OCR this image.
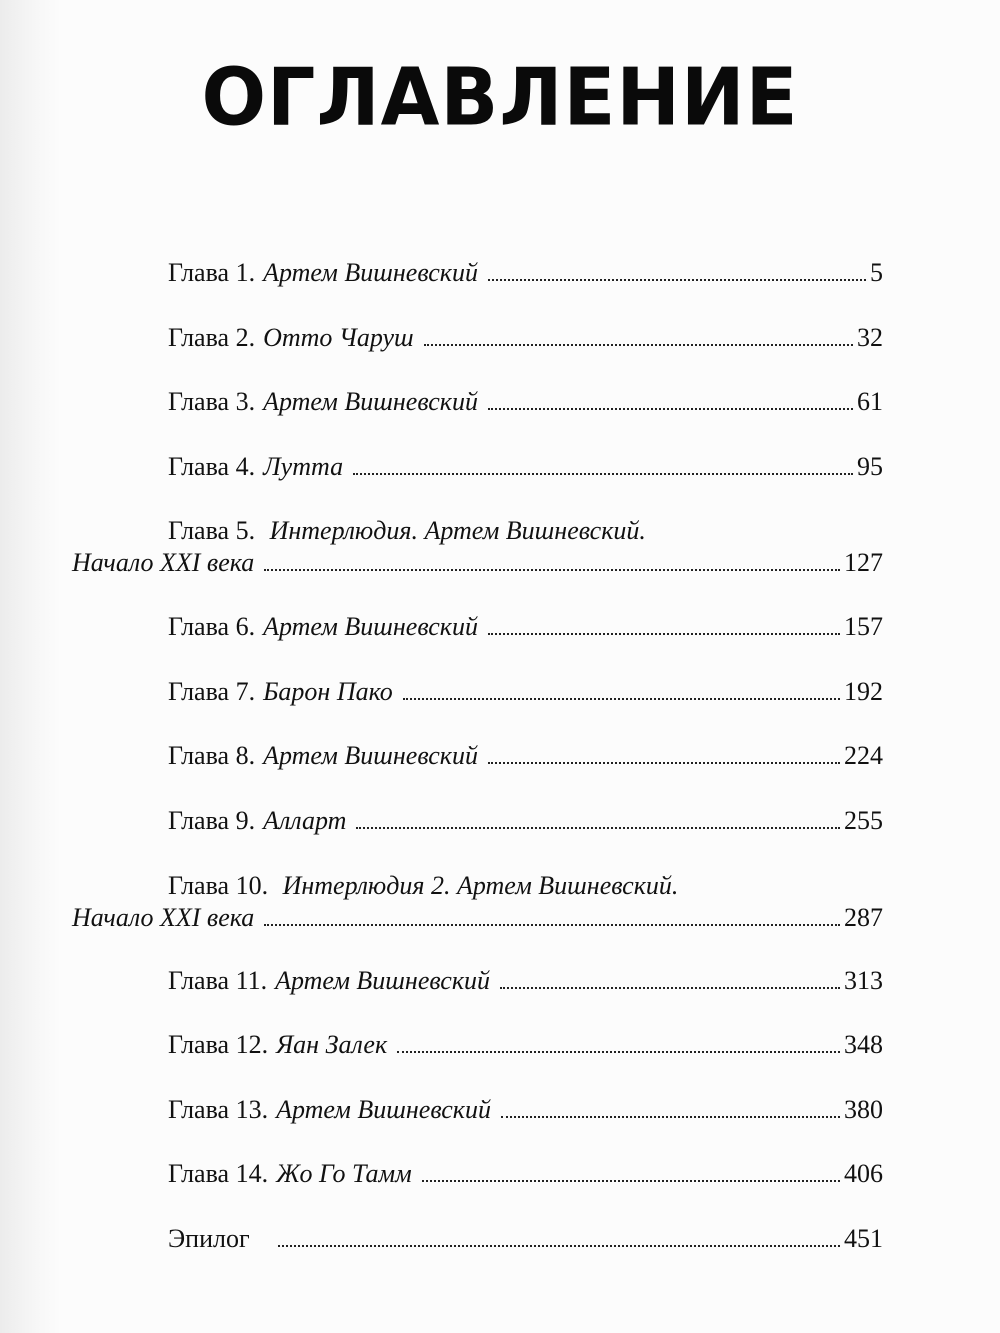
ОГЛАВЛЕНИЕ
Глава 1. Артем Вишневский	5
Глава 2. Отто Чаруш	32
Глава 3. Артем Вишневский	61
Глава 4. Лутта	95
Глава 5. Интерлюдия. Артем Вишневский.
Начало XXI века	127
Глава 6. Артем Вишневский	157
Глава 7. Барон Пако	192
Глава 8. Артем Вишневский	224
Глава 9. Алларт	255
Глава 10. Интерлюдия 2. Артем Вишневский.
Начало XXI века	287
Глава 11. Артем Вишневский	313
Глава 12. Яан Залек	348
Глава 13. Артем Вишневский	380
Глава 14. Жо Го Тамм	406
Эпилог	451
